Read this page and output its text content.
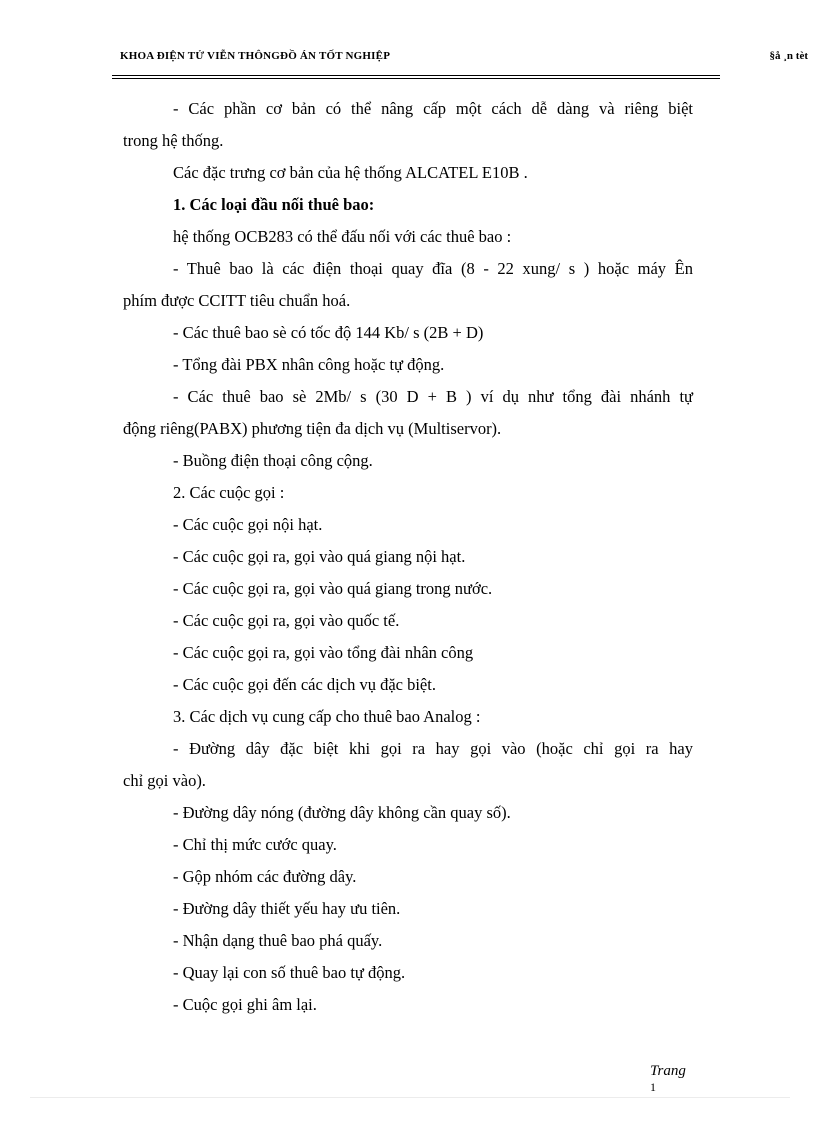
KHOA ĐIỆN TỬ VIỄN THÔNGĐỒ ÁN TỐT NGHIỆP	§å ¸n tèt
- Các phần cơ bản có thể nâng cấp một cách dễ dàng và riêng biệt
trong hệ thống.
Các đặc trưng cơ bản của hệ thống ALCATEL E10B .
1. Các loại đầu nối thuê bao:
hệ thống OCB283 có thể đấu nối với các thuê bao :
- Thuê bao là các điện thoại quay đĩa (8 - 22 xung/ s ) hoặc máy Ên
phím được CCITT tiêu chuẩn hoá.
- Các thuê bao sè có tốc độ 144 Kb/ s (2B + D)
- Tổng đài PBX nhân công hoặc tự động.
- Các thuê bao sè 2Mb/ s (30 D + B ) ví dụ như tổng đài nhánh tự
động riêng(PABX) phương tiện đa dịch vụ (Multiservor).
- Buồng điện thoại công cộng.
2. Các cuộc gọi :
- Các cuộc gọi nội hạt.
- Các cuộc gọi ra, gọi vào quá giang nội hạt.
- Các cuộc gọi ra, gọi vào quá giang trong nước.
- Các cuộc gọi ra, gọi vào quốc tế.
- Các cuộc gọi ra, gọi vào tổng đài nhân công
- Các cuộc gọi đến các dịch vụ đặc biệt.
3. Các dịch vụ cung cấp cho thuê bao Analog :
- Đường dây đặc biệt khi gọi ra hay gọi vào (hoặc chỉ gọi ra hay
chỉ gọi vào).
- Đường dây nóng (đường dây không cần quay số).
- Chỉ thị mức cước quay.
- Gộp nhóm các đường dây.
- Đường dây thiết yếu hay ưu tiên.
- Nhận dạng thuê bao phá quấy.
- Quay lại con số thuê bao tự động.
- Cuộc gọi ghi âm lại.
Trang
1
